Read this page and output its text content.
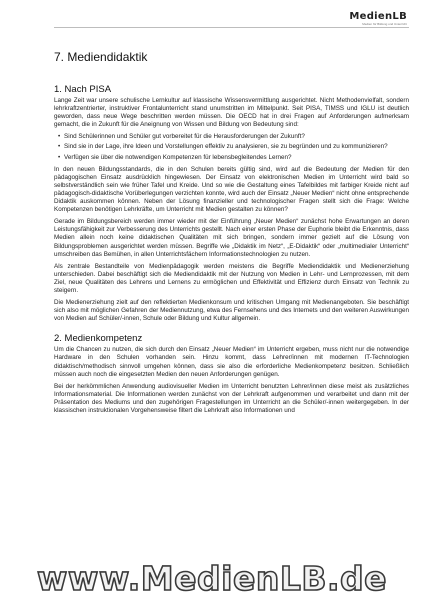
MedienLB
Medien für Bildung und Unterricht
7. Mediendidaktik
1. Nach PISA

Lange Zeit war unsere schulische Lernkultur auf klassische Wissensvermittlung ausgerichtet. Nicht Methodenvielfalt, sondern lehrkraftzentrierter, instruktiver Frontalunterricht stand unumstritten im Mittelpunkt. Seit PISA, TIMSS und IGLU ist deutlich geworden, dass neue Wege beschritten werden müssen. Die OECD hat in drei Fragen auf Anforderungen aufmerksam gemacht, die in Zukunft für die Aneignung von Wissen und Bildung von Bedeutung sind:

• Sind Schülerinnen und Schüler gut vorbereitet für die Herausforderungen der Zukunft?
• Sind sie in der Lage, ihre Ideen und Vorstellungen effektiv zu analysieren, sie zu begründen und zu kommunizieren?
• Verfügen sie über die notwendigen Kompetenzen für lebensbegleitendes Lernen?

In den neuen Bildungsstandards, die in den Schulen bereits gültig sind, wird auf die Bedeutung der Medien für den pädagogischen Einsatz ausdrücklich hingewiesen. Der Einsatz von elektronischen Medien im Unterricht wird bald so selbstverständlich sein wie früher Tafel und Kreide. Und so wie die Gestaltung eines Tafelbildes mit farbiger Kreide nicht auf pädagogisch-didaktische Vorüberlegungen verzichten konnte, wird auch der Einsatz „Neuer Medien“ nicht ohne entsprechende Didaktik auskommen können. Neben der Lösung finanzieller und technologischer Fragen stellt sich die Frage: Welche Kompetenzen benötigen Lehrkräfte, um Unterricht mit Medien gestalten zu können?

Gerade im Bildungsbereich werden immer wieder mit der Einführung „Neuer Medien“ zunächst hohe Erwartungen an deren Leistungsfähigkeit zur Verbesserung des Unterrichts gestellt. Nach einer ersten Phase der Euphorie bleibt die Erkenntnis, dass Medien allein noch keine didaktischen Qualitäten mit sich bringen, sondern immer gezielt auf die Lösung von Bildungsproblemen ausgerichtet werden müssen. Begriffe wie „Didaktik im Netz“, „E-Didaktik“ oder „multimedialer Unterricht“ umschreiben das Bemühen, in allen Unterrichtsfächern Informationstechnologien zu nutzen.

Als zentrale Bestandteile von Medienpädagogik werden meistens die Begriffe Mediendidaktik und Medienerziehung unterschieden. Dabei beschäftigt sich die Mediendidaktik mit der Nutzung von Medien in Lehr- und Lernprozessen, mit dem Ziel, neue Qualitäten des Lehrens und Lernens zu ermöglichen und Effektivität und Effizienz durch Einsatz von Technik zu steigern.

Die Medienerziehung zielt auf den reflektierten Medienkonsum und kritischen Umgang mit Medienangeboten. Sie beschäftigt sich also mit möglichen Gefahren der Mediennutzung, etwa des Fernsehens und des Internets und den weiteren Auswirkungen von Medien auf Schüler/-innen, Schule oder Bildung und Kultur allgemein.

2. Medienkompetenz

Um die Chancen zu nutzen, die sich durch den Einsatz „Neuer Medien“ im Unterricht ergeben, muss nicht nur die notwendige Hardware in den Schulen vorhanden sein. Hinzu kommt, dass Lehrer/innen mit modernen IT-Technologien didaktisch/methodisch sinnvoll umgehen können, dass sie also die erforderliche Medienkompetenz besitzen. Schließlich müssen auch noch die eingesetzten Medien den neuen Anforderungen genügen.

Bei der herkömmlichen Anwendung audiovisueller Medien im Unterricht benutzten Lehrer/innen diese meist als zusätzliches Informationsmaterial. Die Informationen werden zunächst von der Lehrkraft aufgenommen und verarbeitet und dann mit der Präsentation des Mediums und den zugehörigen Fragestellungen im Unterricht an die Schüler/-innen weitergegeben. In der klassischen instruktionalen Vorgehensweise filtert die Lehrkraft also Informationen und

www.MedienLB.de
